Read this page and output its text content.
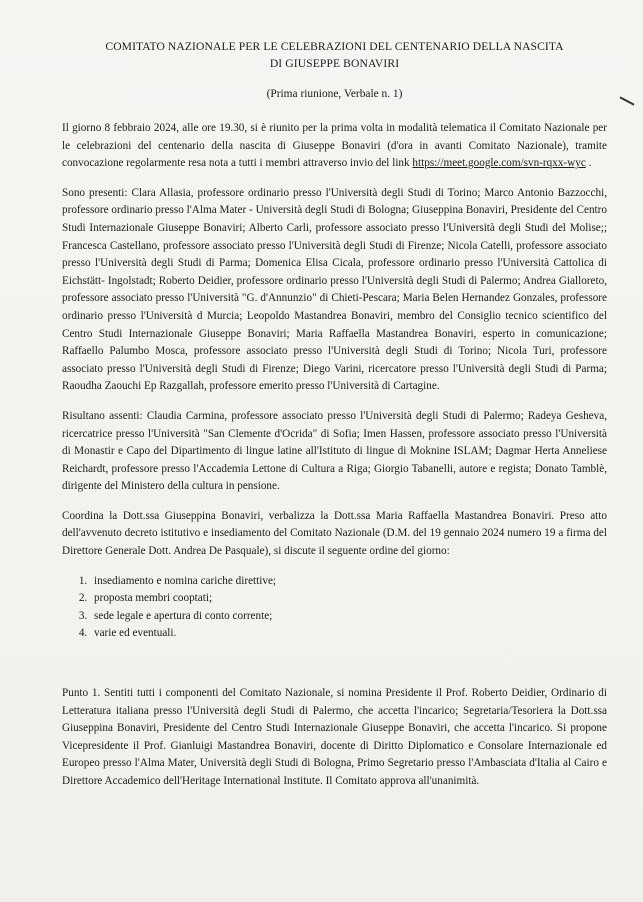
COMITATO NAZIONALE PER LE CELEBRAZIONI DEL CENTENARIO DELLA NASCITA
DI GIUSEPPE BONAVIRI

(Prima riunione, Verbale n. 1)

Il giorno 8 febbraio 2024, alle ore 19.30, si è riunito per la prima volta in modalità telematica il Comitato Nazionale per le celebrazioni del centenario della nascita di Giuseppe Bonaviri (d'ora in avanti Comitato Nazionale), tramite convocazione regolarmente resa nota a tutti i membri attraverso invio del link https://meet.google.com/svn-rqxx-wyc .

Sono presenti: Clara Allasia, professore ordinario presso l'Università degli Studi di Torino; Marco Antonio Bazzocchi, professore ordinario presso l'Alma Mater - Università degli Studi di Bologna; Giuseppina Bonaviri, Presidente del Centro Studi Internazionale Giuseppe Bonaviri; Alberto Carli, professore associato presso l'Università degli Studi del Molise;; Francesca Castellano, professore associato presso l'Università degli Studi di Firenze; Nicola Catelli, professore associato presso l'Università degli Studi di Parma; Domenica Elisa Cicala, professore ordinario presso l'Università Cattolica di Eichstätt- Ingolstadt; Roberto Deidier, professore ordinario presso l'Università degli Studi di Palermo; Andrea Gialloreto, professore associato presso l'Università "G. d'Annunzio" di Chieti-Pescara; Maria Belen Hernandez Gonzales, professore ordinario presso l'Università d Murcia; Leopoldo Mastandrea Bonaviri, membro del Consiglio tecnico scientifico del Centro Studi Internazionale Giuseppe Bonaviri; Maria Raffaella Mastandrea Bonaviri, esperto in comunicazione; Raffaello Palumbo Mosca, professore associato presso l'Università degli Studi di Torino; Nicola Turi, professore associato presso l'Università degli Studi di Firenze; Diego Varini, ricercatore presso l'Università degli Studi di Parma; Raoudha Zaouchi Ep Razgallah, professore emerito presso l'Università di Cartagine.

Risultano assenti: Claudia Carmina, professore associato presso l'Università degli Studi di Palermo; Radeya Gesheva, ricercatrice presso l'Università "San Clemente d'Ocrida" di Sofia; Imen Hassen, professore associato presso l'Università di Monastir e Capo del Dipartimento di lingue latine all'Istituto di lingue di Moknine ISLAM; Dagmar Herta Anneliese Reichardt, professore presso l'Accademia Lettone di Cultura a Riga; Giorgio Tabanelli, autore e regista; Donato Tamblè, dirigente del Ministero della cultura in pensione.

Coordina la Dott.ssa Giuseppina Bonaviri, verbalizza la Dott.ssa Maria Raffaella Mastandrea Bonaviri. Preso atto dell'avvenuto decreto istitutivo e insediamento del Comitato Nazionale (D.M. del 19 gennaio 2024 numero 19 a firma del Direttore Generale Dott. Andrea De Pasquale), si discute il seguente ordine del giorno:

1. insediamento e nomina cariche direttive;
2. proposta membri cooptati;
3. sede legale e apertura di conto corrente;
4. varie ed eventuali.

Punto 1. Sentiti tutti i componenti del Comitato Nazionale, si nomina Presidente il Prof. Roberto Deidier, Ordinario di Letteratura italiana presso l'Università degli Studi di Palermo, che accetta l'incarico; Segretaria/Tesoriera la Dott.ssa Giuseppina Bonaviri, Presidente del Centro Studi Internazionale Giuseppe Bonaviri, che accetta l'incarico. Si propone Vicepresidente il Prof. Gianluigi Mastandrea Bonaviri, docente di Diritto Diplomatico e Consolare Internazionale ed Europeo presso l'Alma Mater, Università degli Studi di Bologna, Primo Segretario presso l'Ambasciata d'Italia al Cairo e Direttore Accademico dell'Heritage International Institute. Il Comitato approva all'unanimità.
